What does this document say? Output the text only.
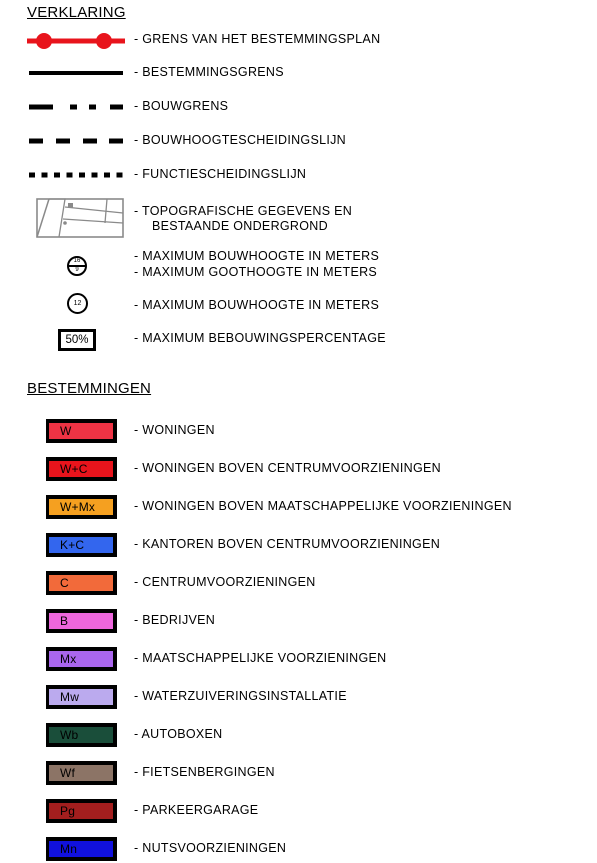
VERKLARING
- GRENS VAN HET BESTEMMINGSPLAN
- BESTEMMINGSGRENS
- BOUWGRENS
- BOUWHOOGTESCHEIDINGSLIJN
- FUNCTIESCHEIDINGSLIJN
- TOPOGRAFISCHE GEGEVENS EN
BESTAANDE ONDERGROND
16
9
- MAXIMUM BOUWHOOGTE IN METERS
- MAXIMUM GOOTHOOGTE IN METERS
12	- MAXIMUM BOUWHOOGTE IN METERS
50%	- MAXIMUM BEBOUWINGSPERCENTAGE
BESTEMMINGEN
W	- WONINGEN
W+C	- WONINGEN BOVEN CENTRUMVOORZIENINGEN
W+Mx	- WONINGEN BOVEN MAATSCHAPPELIJKE VOORZIENINGEN
K+C	- KANTOREN BOVEN CENTRUMVOORZIENINGEN
C	- CENTRUMVOORZIENINGEN
B	- BEDRIJVEN
Mx	- MAATSCHAPPELIJKE VOORZIENINGEN
Mw	- WATERZUIVERINGSINSTALLATIE
Wb	- AUTOBOXEN
Wf	- FIETSENBERGINGEN
Pg	- PARKEERGARAGE
Mn	- NUTSVOORZIENINGEN
